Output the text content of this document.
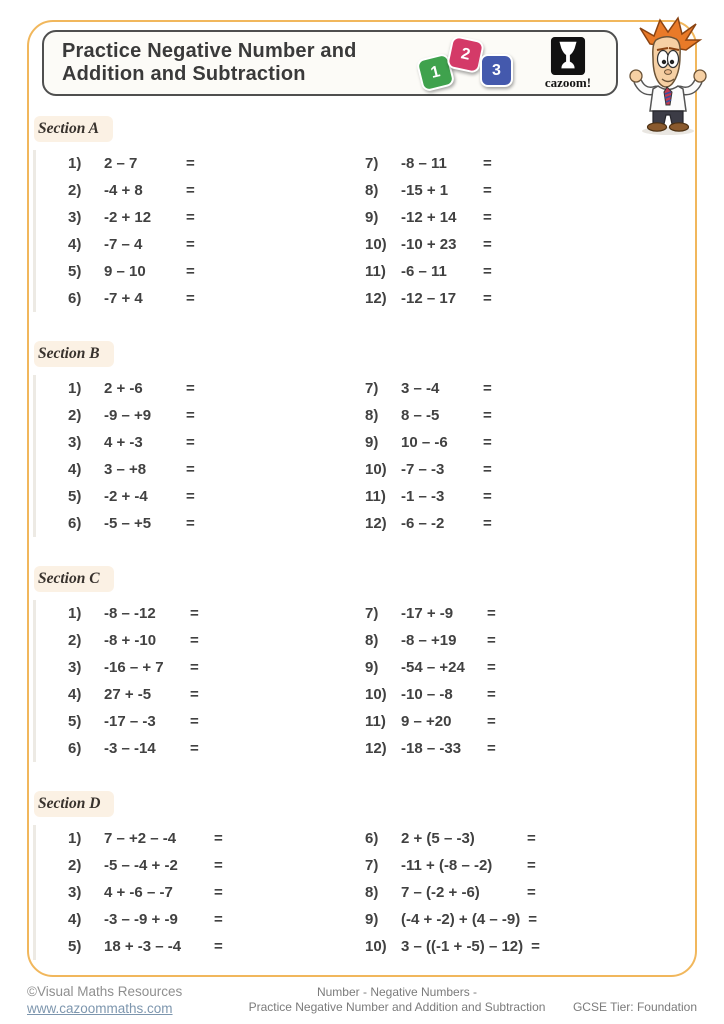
Practice Negative Number and
Addition and Subtraction	1
2
3
cazoom!
Section A
1)	2 – 7	=
2)	-4 + 8	=
3)	-2 + 12	=
4)	-7 – 4	=
5)	9 – 10	=
6)	-7 + 4	=
7)	-8 – 11	=
8)	-15 + 1	=
9)	-12 + 14	=
10) -10 + 23	=
11)	-6 – 11	=
12) -12 – 17	=
Section B
1)	2 + -6	=
2)	-9 – +9	=
3)	4 + -3	=
4)	3 – +8	=
5)	-2 + -4	=
6)	-5 – +5	=
7)	3 – -4	=
8)	8 – -5	=
9)	10 – -6	=
10) -7 – -3	=
11)	-1 – -3	=
12) -6 – -2	=
Section C
1)	-8 – -12	=
2)	-8 + -10	=
3)	-16 – + 7	=
4)	27 + -5	=
5)	-17 – -3	=
6)	-3 – -14	=
7)	-17 + -9	=
8)	-8 – +19	=
9)	-54 – +24	=
10) -10 – -8	=
11)	9 – +20	=
12) -18 – -33	=
Section D
1)	7 – +2 – -4	=
2)	-5 – -4 + -2	=
3)	4 + -6 – -7	=
4)	-3 – -9 + -9	=
5)	18 + -3 – -4	=
6)	2 + (5 – -3)	=
7)	-11 + (-8 – -2)	=
8)	7 – (-2 + -6)	=
9)	(-4 + -2) + (4 – -9) =
10) 3 – ((-1 + -5) – 12) =
©Visual Maths Resources
www.cazoommaths.com
Number - Negative Numbers -
Practice Negative Number and Addition and Subtraction	GCSE Tier: Foundation
